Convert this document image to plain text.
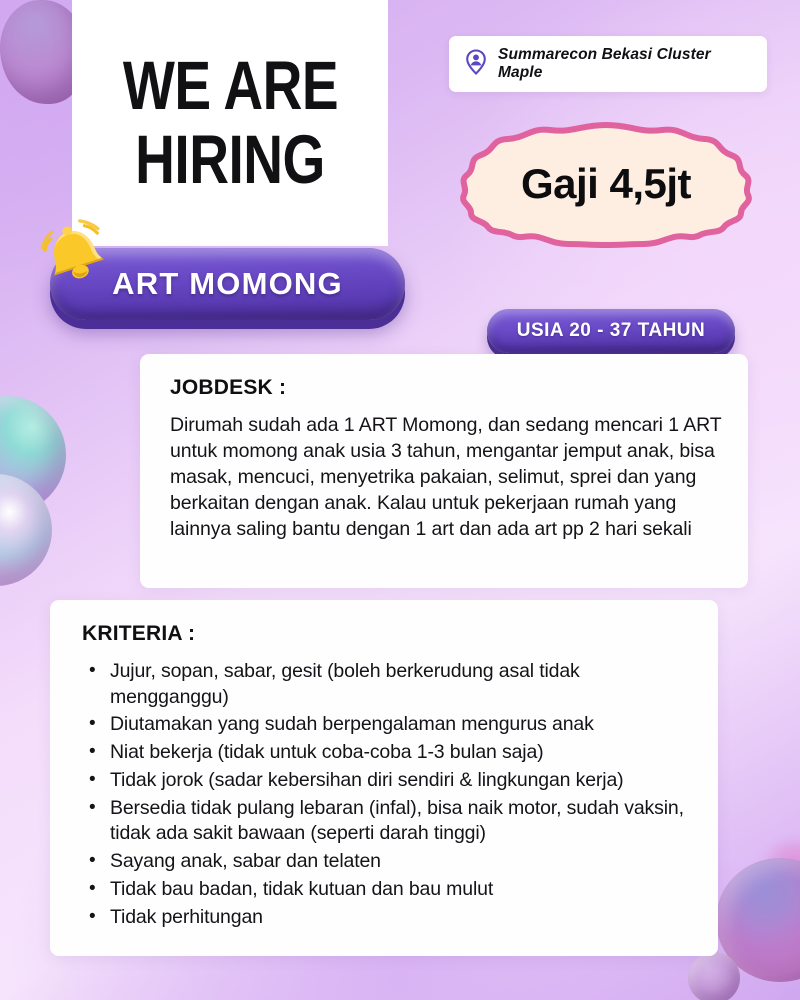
WE ARE
HIRING
ART MOMONG
Summarecon Bekasi Cluster Maple
Gaji 4,5jt
USIA 20 - 37 TAHUN
JOBDESK :
Dirumah sudah ada 1 ART Momong, dan sedang mencari 1 ART untuk momong anak usia 3 tahun, mengantar jemput anak, bisa masak, mencuci, menyetrika pakaian, selimut, sprei dan yang berkaitan dengan anak. Kalau untuk pekerjaan rumah yang lainnya saling bantu dengan 1 art dan ada art pp 2 hari sekali
KRITERIA :
• Jujur, sopan, sabar, gesit (boleh berkerudung asal tidak mengganggu)
• Diutamakan yang sudah berpengalaman mengurus anak
• Niat bekerja (tidak untuk coba-coba 1-3 bulan saja)
• Tidak jorok (sadar kebersihan diri sendiri & lingkungan kerja)
• Bersedia tidak pulang lebaran (infal), bisa naik motor, sudah vaksin, tidak ada sakit bawaan (seperti darah tinggi)
• Sayang anak, sabar dan telaten
• Tidak bau badan, tidak kutuan dan bau mulut
• Tidak perhitungan
